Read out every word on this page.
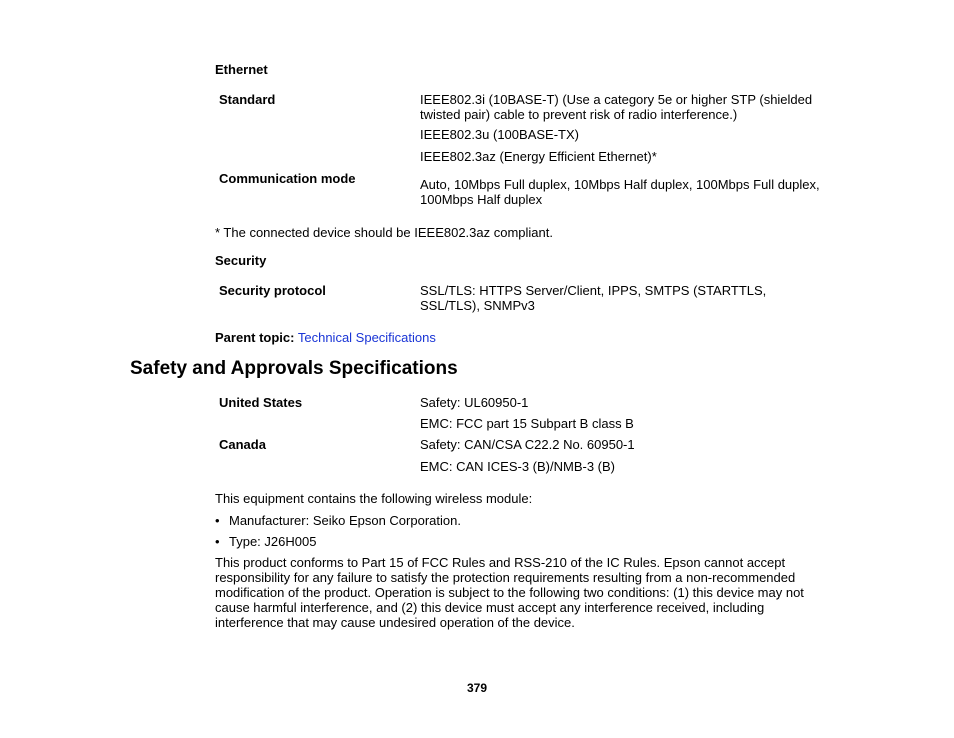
Ethernet
Standard	IEEE802.3i (10BASE-T) (Use a category 5e or higher STP (shielded twisted pair) cable to prevent risk of radio interference.)
IEEE802.3u (100BASE-TX)
IEEE802.3az (Energy Efficient Ethernet)*
Communication mode	Auto, 10Mbps Full duplex, 10Mbps Half duplex, 100Mbps Full duplex, 100Mbps Half duplex
* The connected device should be IEEE802.3az compliant.
Security
Security protocol	SSL/TLS: HTTPS Server/Client, IPPS, SMTPS (STARTTLS, SSL/TLS), SNMPv3
Parent topic: Technical Specifications
Safety and Approvals Specifications
United States	Safety: UL60950-1
EMC: FCC part 15 Subpart B class B
Canada	Safety: CAN/CSA C22.2 No. 60950-1
EMC: CAN ICES-3 (B)/NMB-3 (B)
This equipment contains the following wireless module:
• Manufacturer: Seiko Epson Corporation.
• Type: J26H005
This product conforms to Part 15 of FCC Rules and RSS-210 of the IC Rules. Epson cannot accept responsibility for any failure to satisfy the protection requirements resulting from a non-recommended modification of the product. Operation is subject to the following two conditions: (1) this device may not cause harmful interference, and (2) this device must accept any interference received, including interference that may cause undesired operation of the device.
379
